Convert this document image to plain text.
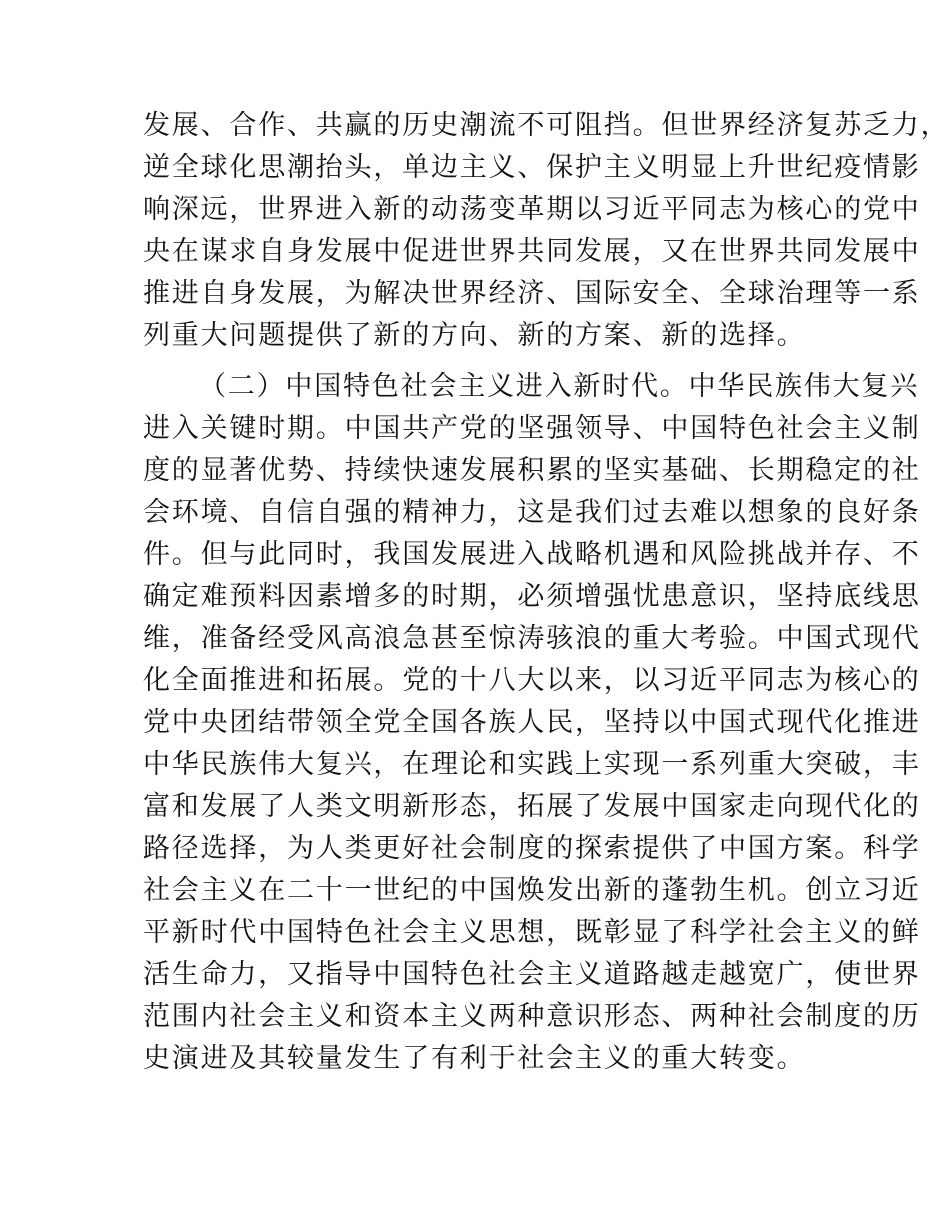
发展、合作、共赢的历史潮流不可阻挡。但世界经济复苏乏力，
逆全球化思潮抬头，单边主义、保护主义明显上升世纪疫情影
响深远，世界进入新的动荡变革期以习近平同志为核心的党中
央在谋求自身发展中促进世界共同发展，又在世界共同发展中
推进自身发展，为解决世界经济、国际安全、全球治理等一系
列重大问题提供了新的方向、新的方案、新的选择。
（二）中国特色社会主义进入新时代。中华民族伟大复兴
进入关键时期。中国共产党的坚强领导、中国特色社会主义制
度的显著优势、持续快速发展积累的坚实基础、长期稳定的社
会环境、自信自强的精神力，这是我们过去难以想象的良好条
件。但与此同时，我国发展进入战略机遇和风险挑战并存、不
确定难预料因素增多的时期，必须增强忧患意识，坚持底线思
维，准备经受风高浪急甚至惊涛骇浪的重大考验。中国式现代
化全面推进和拓展。党的十八大以来，以习近平同志为核心的
党中央团结带领全党全国各族人民，坚持以中国式现代化推进
中华民族伟大复兴，在理论和实践上实现一系列重大突破，丰
富和发展了人类文明新形态，拓展了发展中国家走向现代化的
路径选择，为人类更好社会制度的探索提供了中国方案。科学
社会主义在二十一世纪的中国焕发出新的蓬勃生机。创立习近
平新时代中国特色社会主义思想，既彰显了科学社会主义的鲜
活生命力，又指导中国特色社会主义道路越走越宽广，使世界
范围内社会主义和资本主义两种意识形态、两种社会制度的历
史演进及其较量发生了有利于社会主义的重大转变。
